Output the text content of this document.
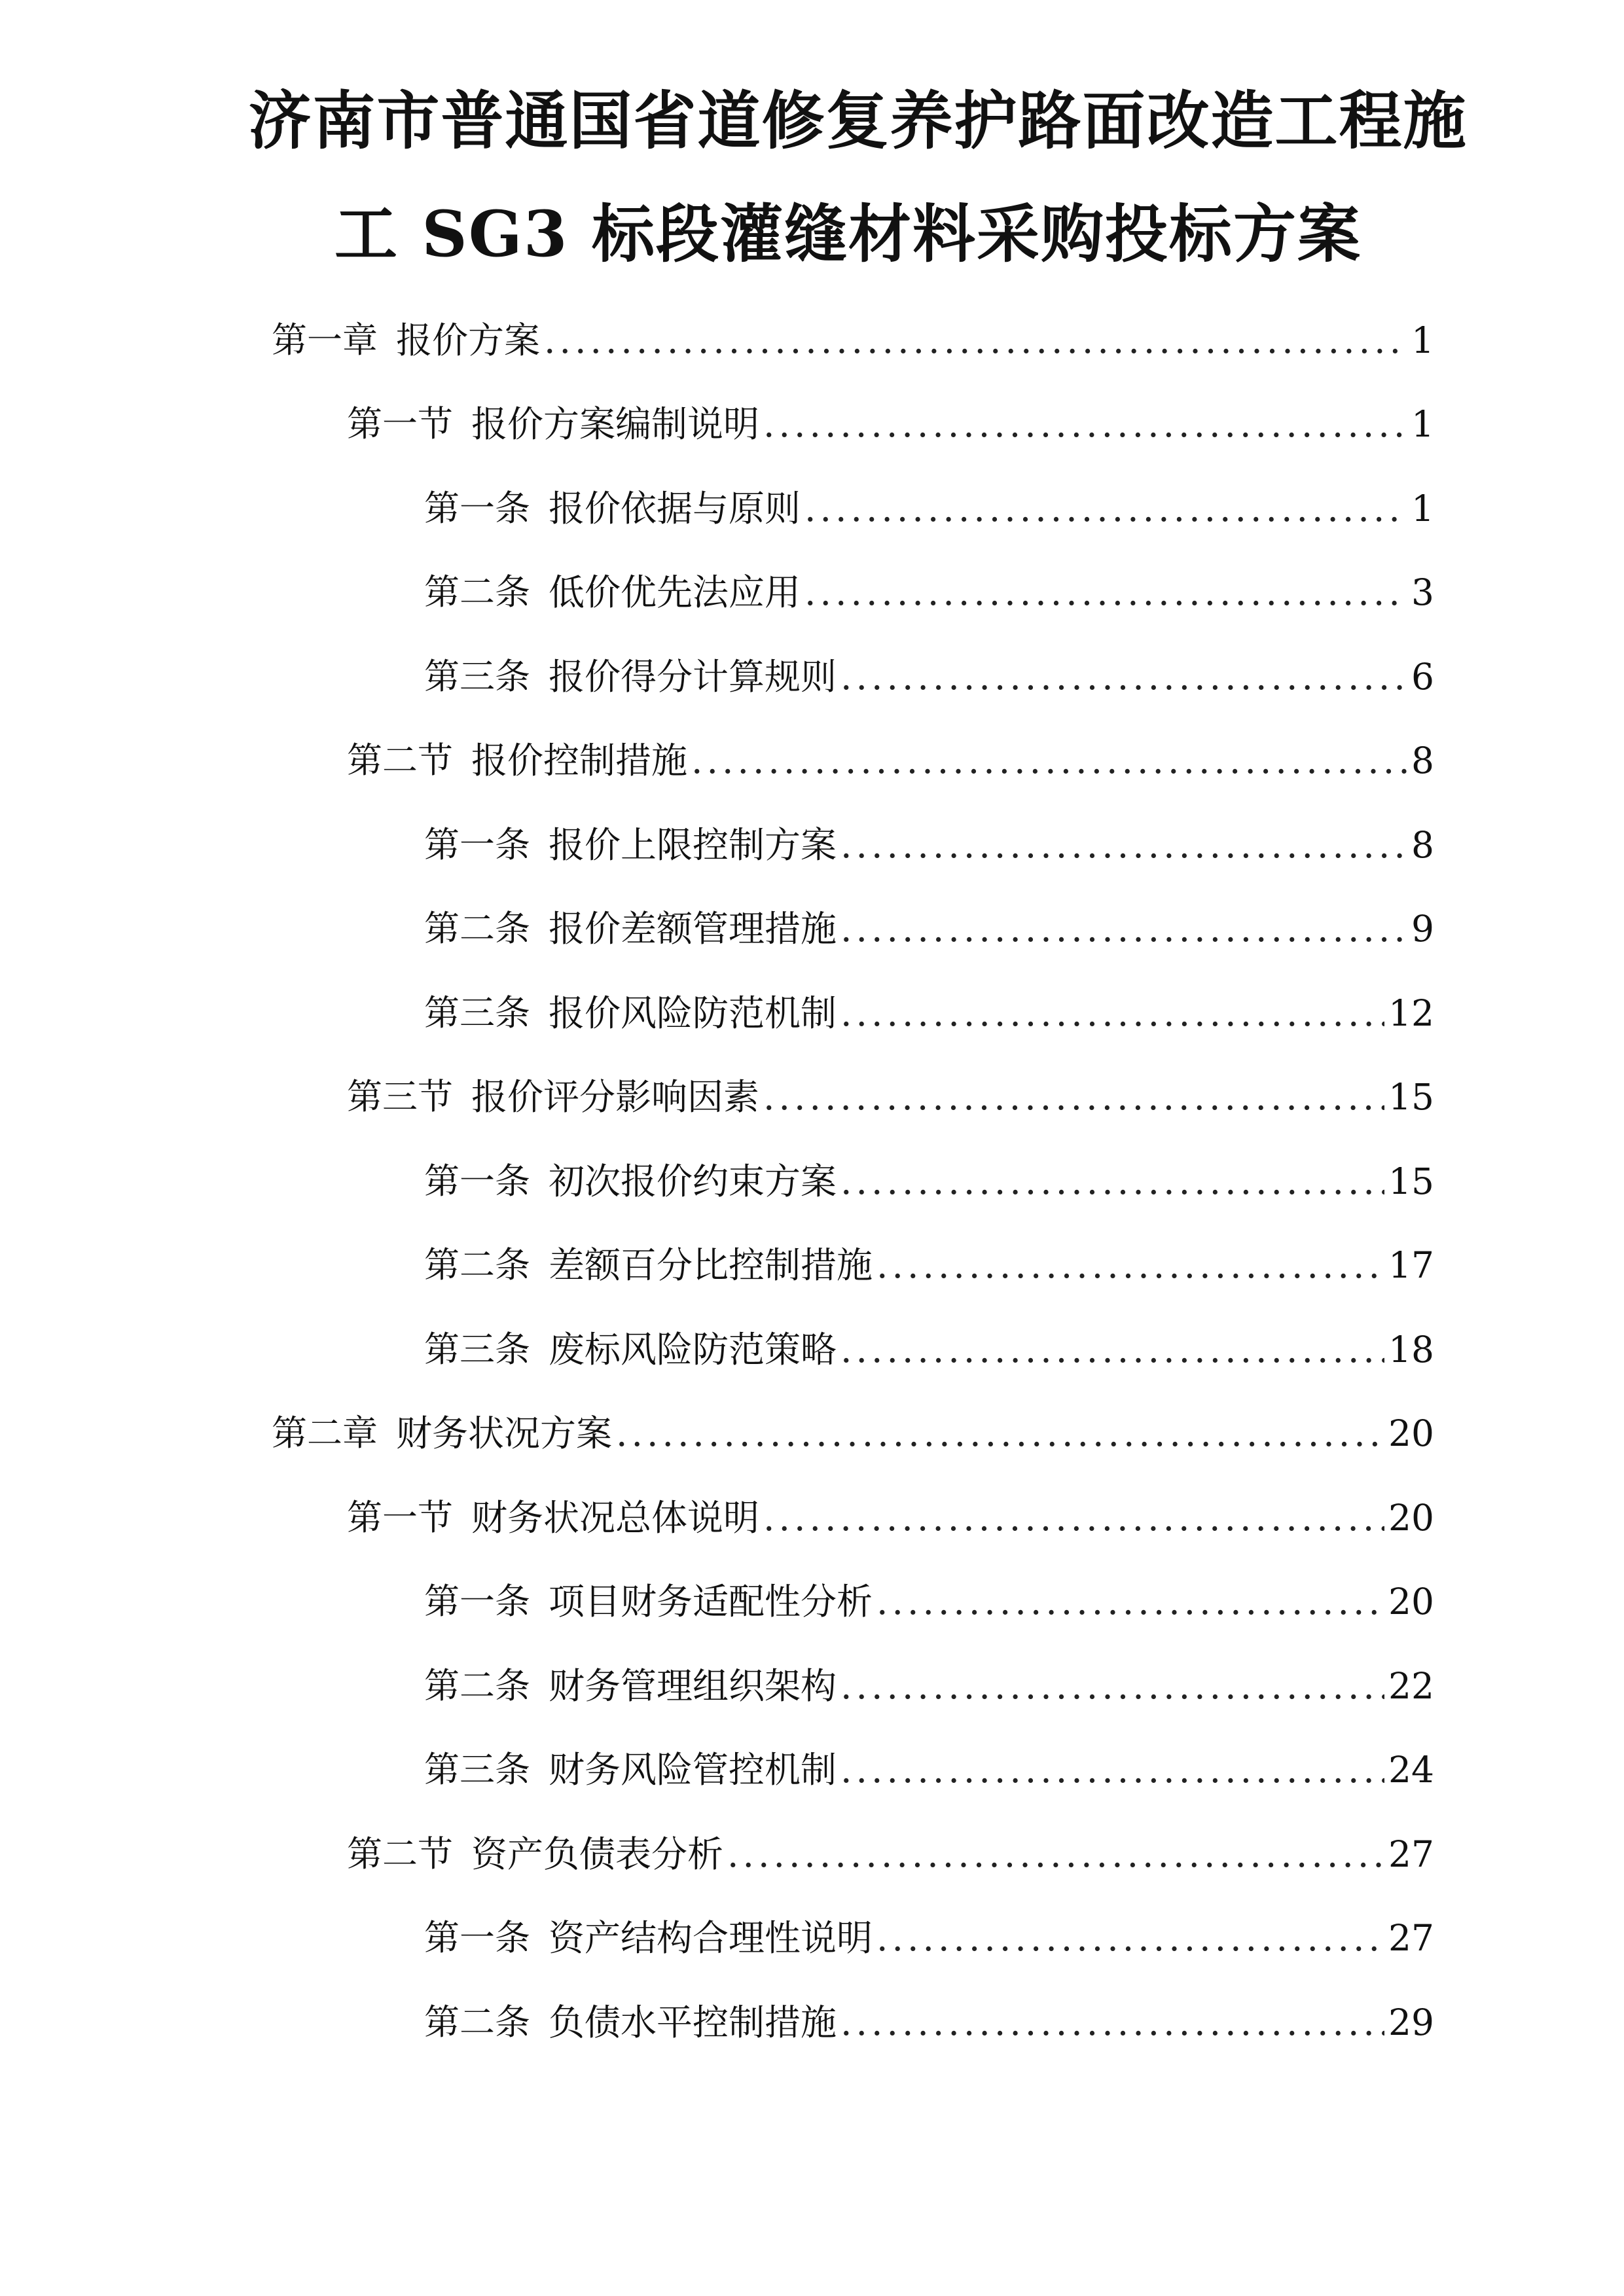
济南市普通国省道修复养护路面改造工程施
工 SG3 标段灌缝材料采购投标方案
第一章 报价方案 .....	1
第一节 报价方案编制说明 .....	1
第一条 报价依据与原则 .....	1
第二条 低价优先法应用 .....	3
第三条 报价得分计算规则 .....	6
第二节 报价控制措施 .....	8
第一条 报价上限控制方案 .....	8
第二条 报价差额管理措施 .....	9
第三条 报价风险防范机制 .....	12
第三节 报价评分影响因素 .....	15
第一条 初次报价约束方案 .....	15
第二条 差额百分比控制措施 .....	17
第三条 废标风险防范策略 .....	18
第二章 财务状况方案 .....	20
第一节 财务状况总体说明 .....	20
第一条 项目财务适配性分析 .....	20
第二条 财务管理组织架构 .....	22
第三条 财务风险管控机制 .....	24
第二节 资产负债表分析 .....	27
第一条 资产结构合理性说明 .....	27
第二条 负债水平控制措施 .....	29
